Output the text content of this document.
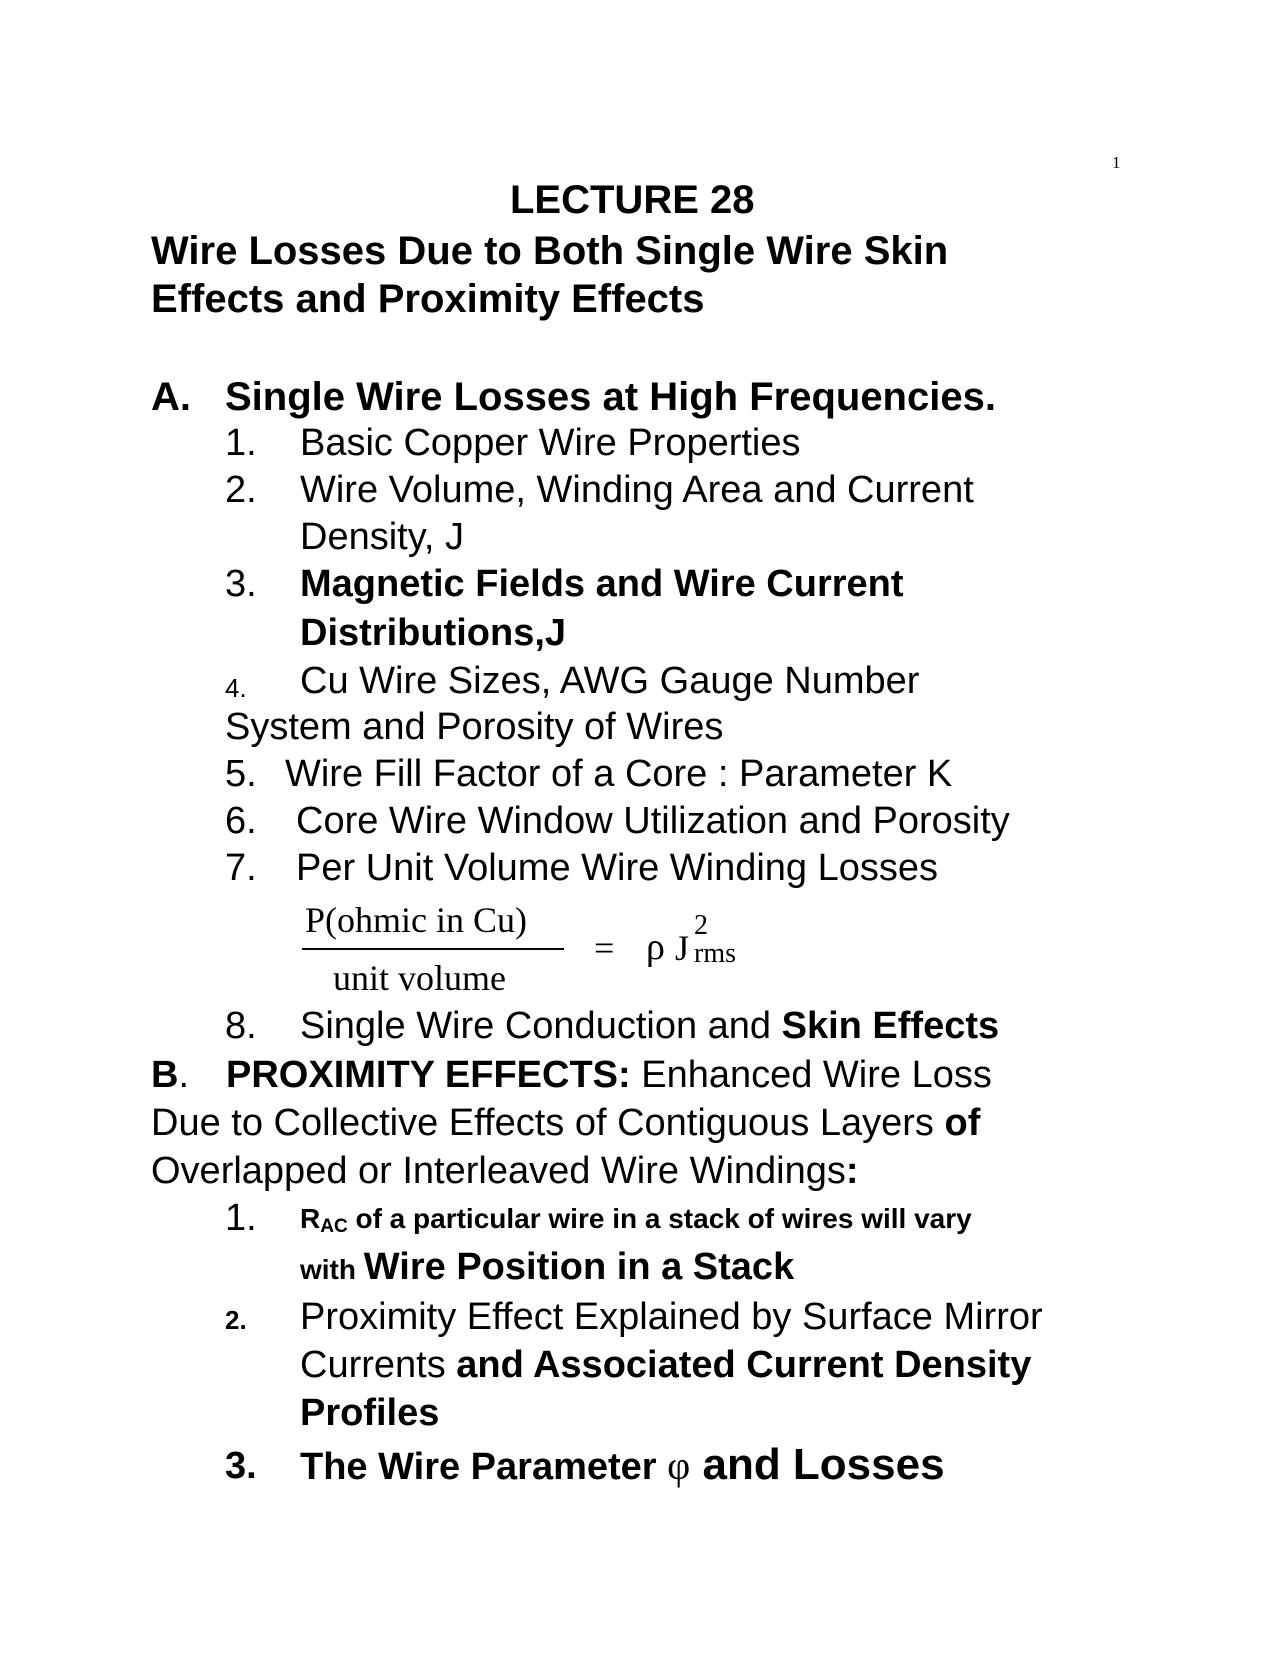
1
LECTURE 28
Wire Losses Due to Both Single Wire Skin
Effects and Proximity Effects
A. Single Wire Losses at High Frequencies.
1. Basic Copper Wire Properties
2. Wire Volume, Winding Area and Current
Density, J
3. Magnetic Fields and Wire Current
Distributions,J
4. Cu Wire Sizes, AWG Gauge Number
System and Porosity of Wires
5. Wire Fill Factor of a Core : Parameter K
6. Core Wire Window Utilization and Porosity
7. Per Unit Volume Wire Winding Losses
P(ohmic in Cu)
unit volume
= ρ J
2
rms
8. Single Wire Conduction and Skin Effects
B. PROXIMITY EFFECTS: Enhanced Wire Loss
Due to Collective Effects of Contiguous Layers of
Overlapped or Interleaved Wire Windings:
1. RAC of a particular wire in a stack of wires will vary
with Wire Position in a Stack
2. Proximity Effect Explained by Surface Mirror
Currents and Associated Current Density
Profiles
3. The Wire Parameter φ and Losses
